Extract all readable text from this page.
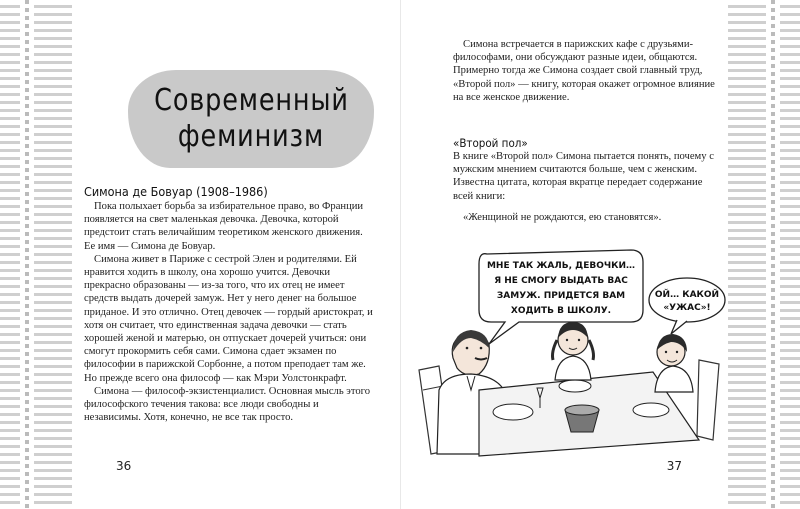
Современный
феминизм

Симона де Бовуар (1908–1986)

Пока полыхает борьба за избирательное право, во Франции появляется на свет маленькая девочка. Девочка, которой предстоит стать величайшим теоретиком женского движения. Ее имя — Симона де Бовуар.

Симона живет в Париже с сестрой Элен и родителями. Ей нравится ходить в школу, она хорошо учится. Девочки прекрасно образованы — из-за того, что их отец не имеет средств выдать дочерей замуж. Нет у него денег на большое приданое. И это отлично. Отец девочек — гордый аристократ, и хотя он считает, что единственная задача девочки — стать хорошей женой и матерью, он отпускает дочерей учиться: они смогут прокормить себя сами. Симона сдает экзамен по философии в парижской Сорбонне, а потом преподает там же. Но прежде всего она философ — как Мэри Уолстонкрафт.

Симона — философ-экзистенциалист. Основная мысль этого философского течения такова: все люди свободны и независимы. Хотя, конечно, не все так просто.

36

Симона встречается в парижских кафе с друзьями-философами, они обсуждают разные идеи, общаются. Примерно тогда же Симона создает свой главный труд, «Второй пол» — книгу, которая окажет огромное влияние на все женское движение.

«Второй пол»

В книге «Второй пол» Симона пытается понять, почему с мужским мнением считаются больше, чем с женским. Известна цитата, которая вкратце передает содержание всей книги:

«Женщиной не рождаются, ею становятся».

МНЕ ТАК ЖАЛЬ, ДЕВОЧКИ…
Я НЕ СМОГУ ВЫДАТЬ ВАС
ЗАМУЖ. ПРИДЕТСЯ ВАМ
ХОДИТЬ В ШКОЛУ.
ОЙ… КАКОЙ
«УЖАС»!
37
